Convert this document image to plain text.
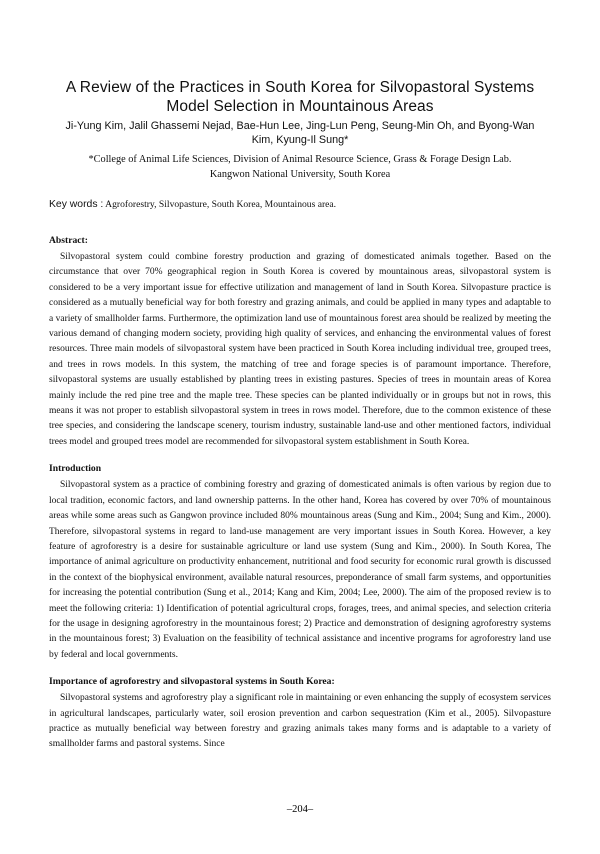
A Review of the Practices in South Korea for Silvopastoral Systems
Model Selection in Mountainous Areas
Ji-Yung Kim, Jalil Ghassemi Nejad, Bae-Hun Lee, Jing-Lun Peng, Seung-Min Oh, and Byong-Wan
Kim, Kyung-Il Sung*
*College of Animal Life Sciences, Division of Animal Resource Science, Grass & Forage Design Lab.
Kangwon National University, South Korea
Key words : Agroforestry, Silvopasture, South Korea, Mountainous area.
Abstract:

Silvopastoral system could combine forestry production and grazing of domesticated animals together. Based on the circumstance that over 70% geographical region in South Korea is covered by mountainous areas, silvopastoral system is considered to be a very important issue for effective utilization and management of land in South Korea. Silvopasture practice is considered as a mutually beneficial way for both forestry and grazing animals, and could be applied in many types and adaptable to a variety of smallholder farms. Furthermore, the optimization land use of mountainous forest area should be realized by meeting the various demand of changing modern society, providing high quality of services, and enhancing the environmental values of forest resources. Three main models of silvopastoral system have been practiced in South Korea including individual tree, grouped trees, and trees in rows models. In this system, the matching of tree and forage species is of paramount importance. Therefore, silvopastoral systems are usually established by planting trees in existing pastures. Species of trees in mountain areas of Korea mainly include the red pine tree and the maple tree. These species can be planted individually or in groups but not in rows, this means it was not proper to establish silvopastoral system in trees in rows model. Therefore, due to the common existence of these tree species, and considering the landscape scenery, tourism industry, sustainable land-use and other mentioned factors, individual trees model and grouped trees model are recommended for silvopastoral system establishment in South Korea.

Introduction

Silvopastoral system as a practice of combining forestry and grazing of domesticated animals is often various by region due to local tradition, economic factors, and land ownership patterns. In the other hand, Korea has covered by over 70% of mountainous areas while some areas such as Gangwon province included 80% mountainous areas (Sung and Kim., 2004; Sung and Kim., 2000). Therefore, silvopastoral systems in regard to land-use management are very important issues in South Korea. However, a key feature of agroforestry is a desire for sustainable agriculture or land use system (Sung and Kim., 2000). In South Korea, The importance of animal agriculture on productivity enhancement, nutritional and food security for economic rural growth is discussed in the context of the biophysical environment, available natural resources, preponderance of small farm systems, and opportunities for increasing the potential contribution (Sung et al., 2014; Kang and Kim, 2004; Lee, 2000). The aim of the proposed review is to meet the following criteria: 1) Identification of potential agricultural crops, forages, trees, and animal species, and selection criteria for the usage in designing agroforestry in the mountainous forest; 2) Practice and demonstration of designing agroforestry systems in the mountainous forest; 3) Evaluation on the feasibility of technical assistance and incentive programs for agroforestry land use by federal and local governments.

Importance of agroforestry and silvopastoral systems in South Korea:

Silvopastoral systems and agroforestry play a significant role in maintaining or even enhancing the supply of ecosystem services in agricultural landscapes, particularly water, soil erosion prevention and carbon sequestration (Kim et al., 2005). Silvopasture practice as mutually beneficial way between forestry and grazing animals takes many forms and is adaptable to a variety of smallholder farms and pastoral systems. Since

–204–
